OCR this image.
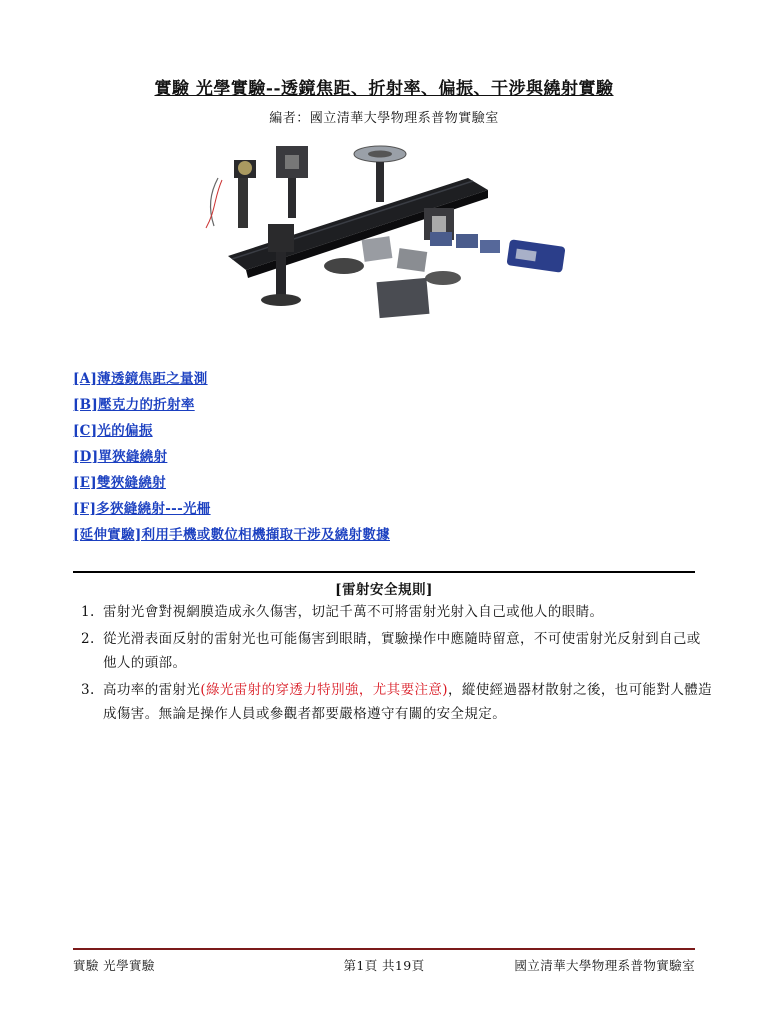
實驗 光學實驗--透鏡焦距、折射率、偏振、干涉與繞射實驗
編者：國立清華大學物理系普物實驗室
[A]薄透鏡焦距之量測
[B]壓克力的折射率
[C]光的偏振
[D]單狹縫繞射
[E]雙狹縫繞射
[F]多狹縫繞射---光柵
[延伸實驗]利用手機或數位相機擷取干涉及繞射數據
[雷射安全規則]
1. 雷射光會對視網膜造成永久傷害，切記千萬不可將雷射光射入自己或他人的眼睛。
2. 從光滑表面反射的雷射光也可能傷害到眼睛，實驗操作中應隨時留意，不可使雷射光反射到自己或他人的頭部。
3. 高功率的雷射光(綠光雷射的穿透力特別強，尤其要注意)，縱使經過器材散射之後，也可能對人體造成傷害。無論是操作人員或參觀者都要嚴格遵守有關的安全規定。
實驗 光學實驗	第1頁 共19頁	國立清華大學物理系普物實驗室
